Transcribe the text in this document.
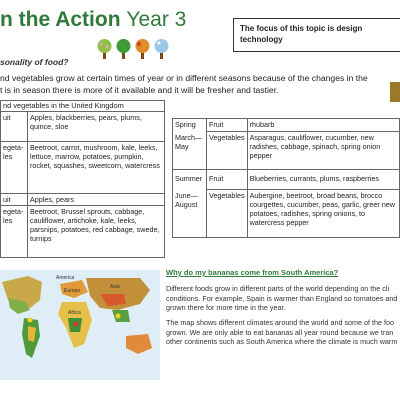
n the Action Year 3	The focus of this topic is design technology
sonality of food?
nd vegetables grow at certain times of year or in different seasons because of the changes in the
t is in season there is more of it available and it will be fresher and tastier.
nd vegetables in the United Kingdom
uit	Apples, blackberries, pears, plums, quince, sloe
egeta-
les	Beetroot, carrot, mushroom, kale, leeks, lettuce, marrow, potatoes, pumpkin, rocket, squashes, sweetcorn, watercress
uit	Apples, pears
egeta-
les	Beetroot, Brussel sprouts, cabbage, cauliflower, artichoke, kale, leeks, parsnips, potatoes, red cabbage, swede, turnips
Spring	Fruit	rhubarb
March—May	Vegetables	Asparagus, cauliflower, cucumber, new radishes, cabbage, spinach, spring onion pepper
Summer	Fruit	Blueberries, currants, plums, raspberries
June—August	Vegetables	Aubergine, beetroot, broad beans, brocco courgettes, cucumber, peas, garlic, greer new potatoes, radishes, spring onions, to watercress pepper
America
Europe
Asia
Africa
Why do my bananas come from South America?
Different foods grow in different parts of the world depending on the cli conditions. For example, Spain is warmer than England so tomatoes and grown there for more time in the year.
The map shows different climates around the world and some of the foo grown. We are only able to eat bananas all year round because we tran other continents such as South America where the climate is much warm
